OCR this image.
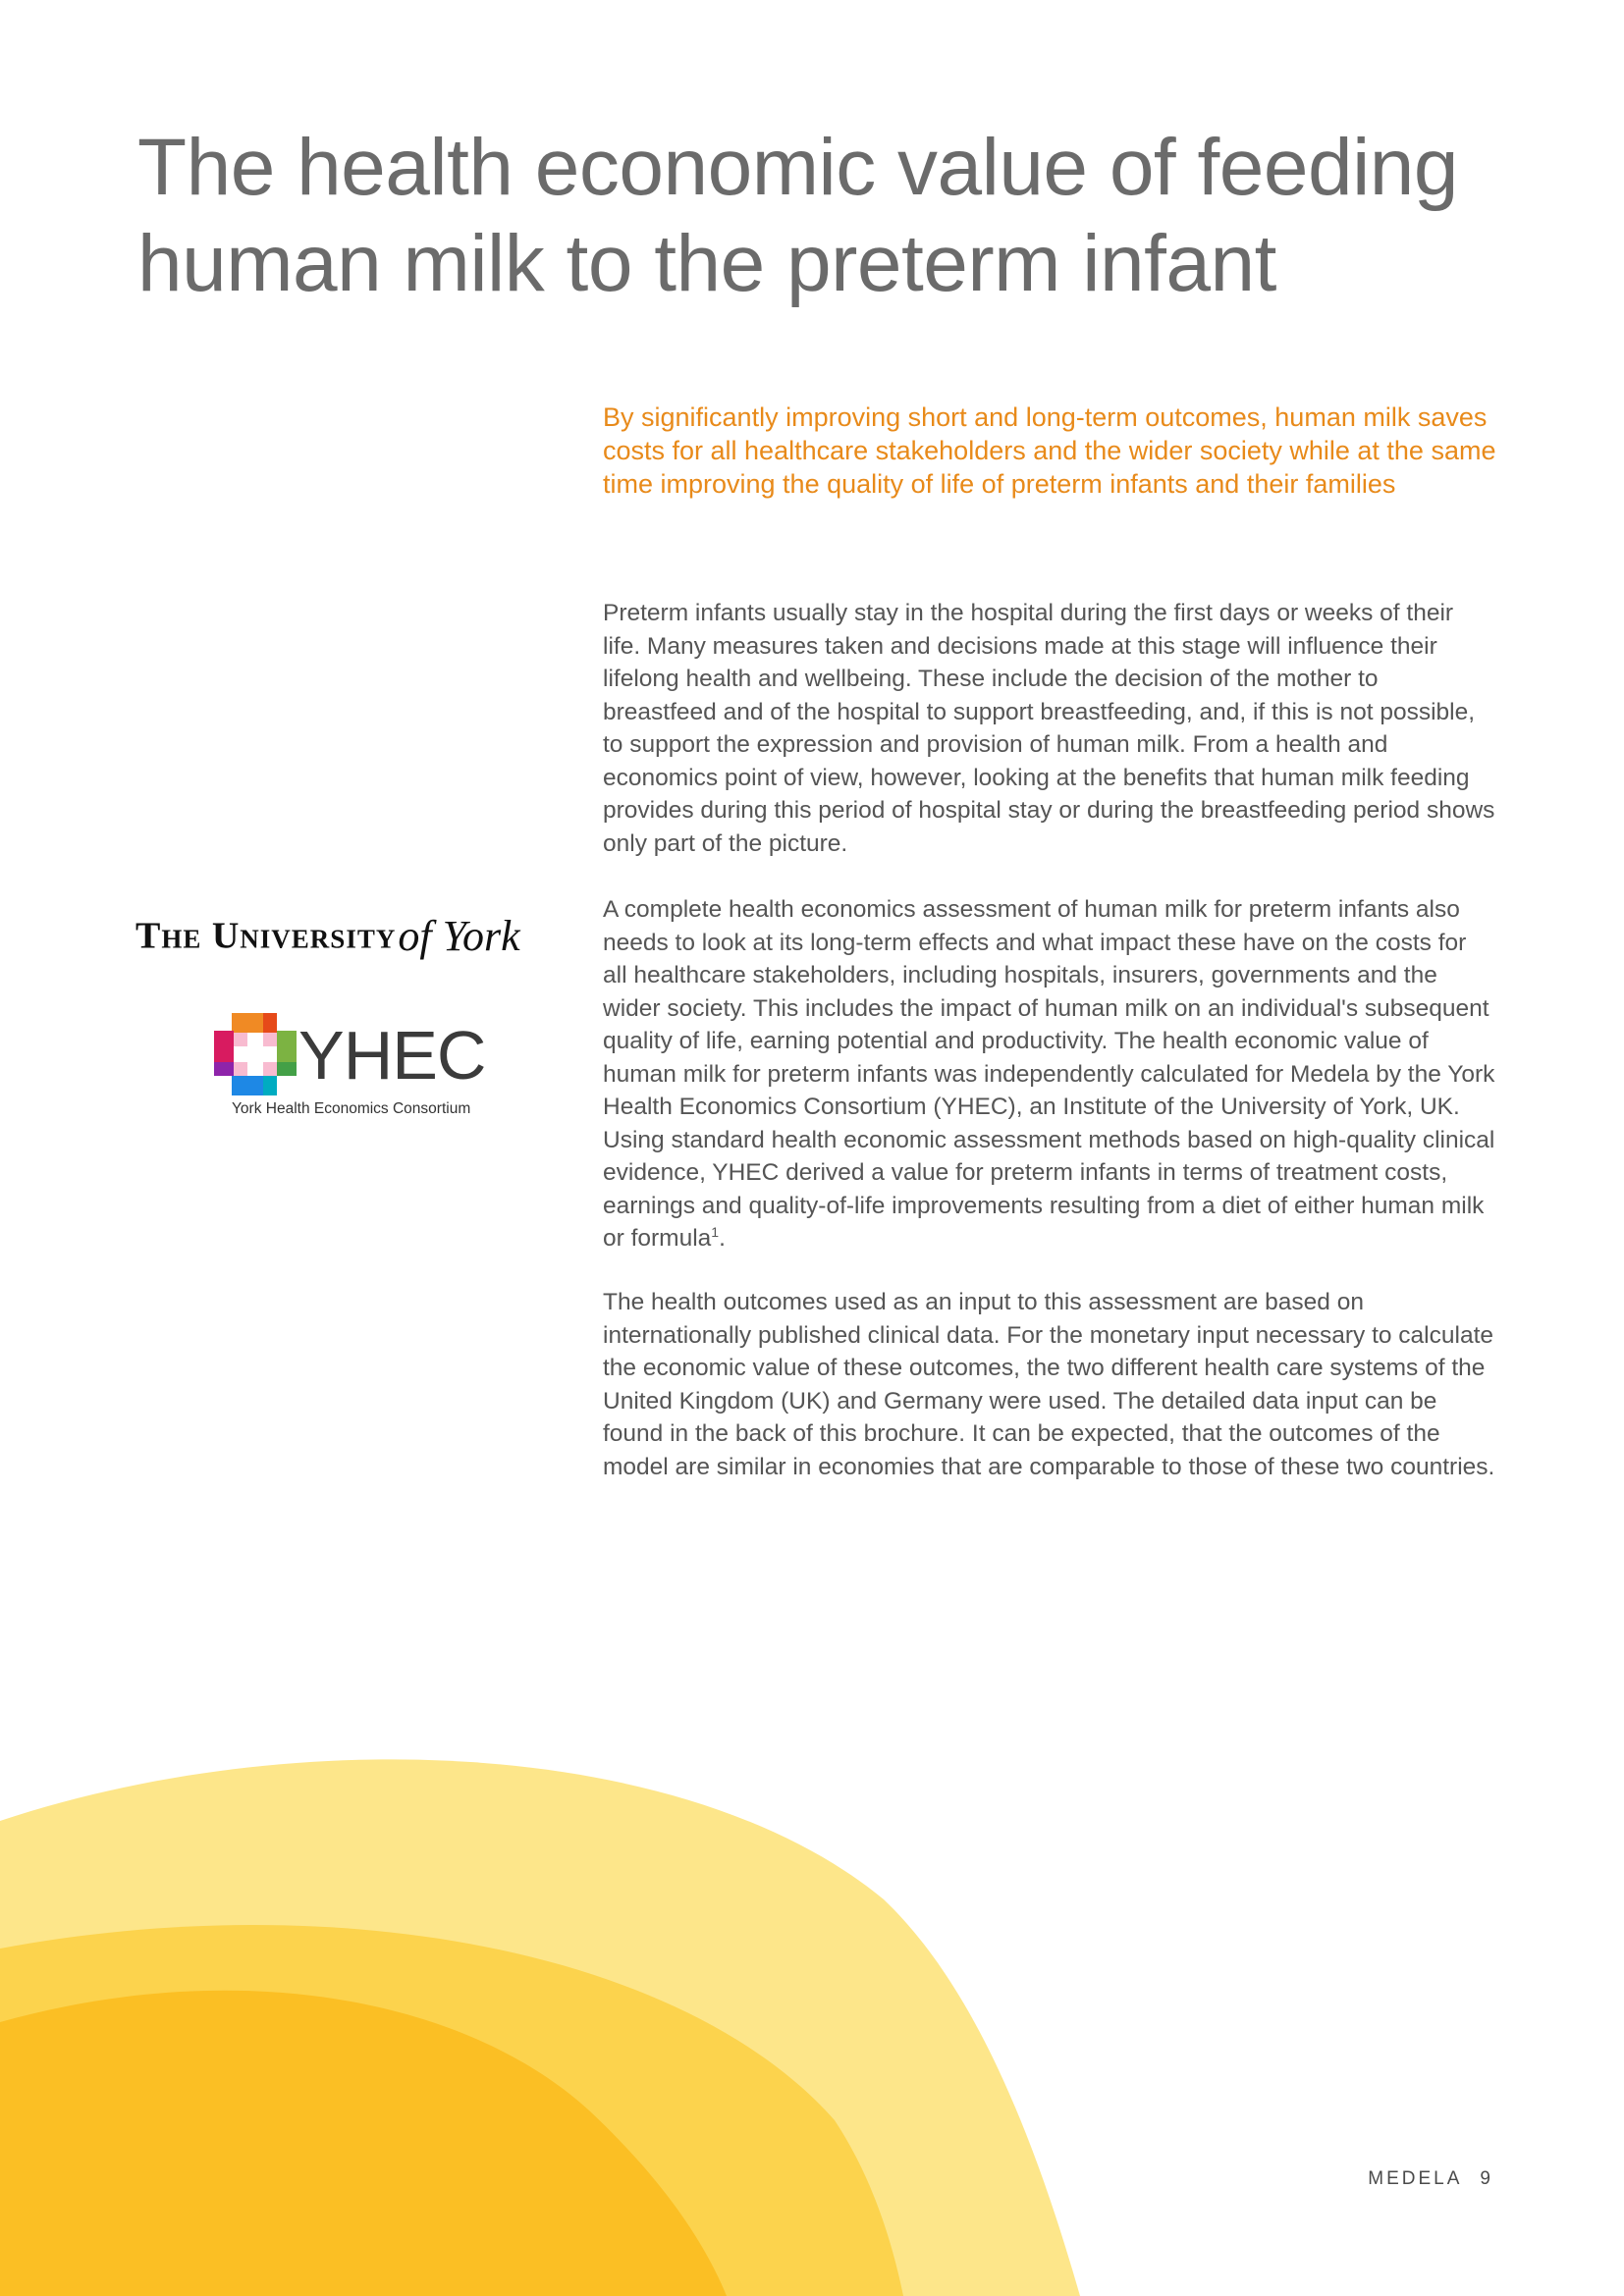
The health economic value of feeding
human milk to the preterm infant

By significantly improving short and long-term outcomes, human milk saves costs for all healthcare stakeholders and the wider society while at the same time improving the quality of life of preterm infants and their families

Preterm infants usually stay in the hospital during the first days or weeks of their life. Many measures taken and decisions made at this stage will influence their lifelong health and wellbeing. These include the decision of the mother to breastfeed and of the hospital to support breastfeeding, and, if this is not possible, to support the expression and provision of human milk. From a health and economics point of view, however, looking at the benefits that human milk feeding provides during this period of hospital stay or during the breastfeeding period shows only part of the picture.

A complete health economics assessment of human milk for preterm infants also needs to look at its long-term effects and what impact these have on the costs for all healthcare stakeholders, including hospitals, insurers, governments and the wider society. This includes the impact of human milk on an individual's subsequent quality of life, earning potential and productivity. The health economic value of human milk for preterm infants was independently calculated for Medela by the York Health Economics Consortium (YHEC), an Institute of the University of York, UK. Using standard health economic assessment methods based on high-quality clinical evidence, YHEC derived a value for preterm infants in terms of treatment costs, earnings and quality-of-life improvements resulting from a diet of either human milk or formula$^1$.

The health outcomes used as an input to this assessment are based on internationally published clinical data. For the monetary input necessary to calculate the economic value of these outcomes, the two different health care systems of the United Kingdom (UK) and Germany were used. The detailed data input can be found in the back of this brochure. It can be expected, that the outcomes of the model are similar in economies that are comparable to those of these two countries.

The Universityof York
YHEC
York Health Economics Consortium
MEDELA 9
